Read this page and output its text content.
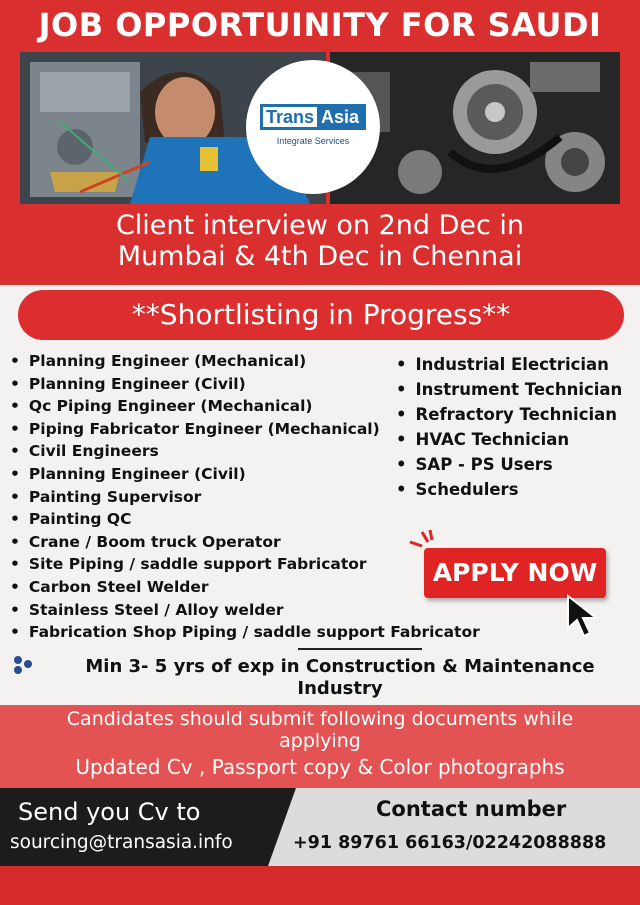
JOB OPPORTUINITY FOR SAUDI
Trans Asia
Integrate Services
Client interview on 2nd Dec in
Mumbai & 4th Dec in Chennai
**Shortlisting in Progress**
• Planning Engineer (Mechanical)
• Planning Engineer (Civil)
• Qc Piping Engineer (Mechanical)
• Piping Fabricator Engineer (Mechanical)
• Civil Engineers
• Planning Engineer (Civil)
• Painting Supervisor
• Painting QC
• Crane / Boom truck Operator
• Site Piping / saddle support Fabricator
• Carbon Steel Welder
• Stainless Steel / Alloy welder
• Fabrication Shop Piping / saddle support Fabricator
• Industrial Electrician
• Instrument Technician
• Refractory Technician
• HVAC Technician
• SAP - PS Users
• Schedulers
APPLY NOW
Min 3- 5 yrs of exp in Construction & Maintenance
Industry

Candidates should submit following documents while

applying

Updated Cv , Passport copy & Color photographs

Send you Cv to
sourcing@transasia.info
Contact number
+91 89761 66163/02242088888
